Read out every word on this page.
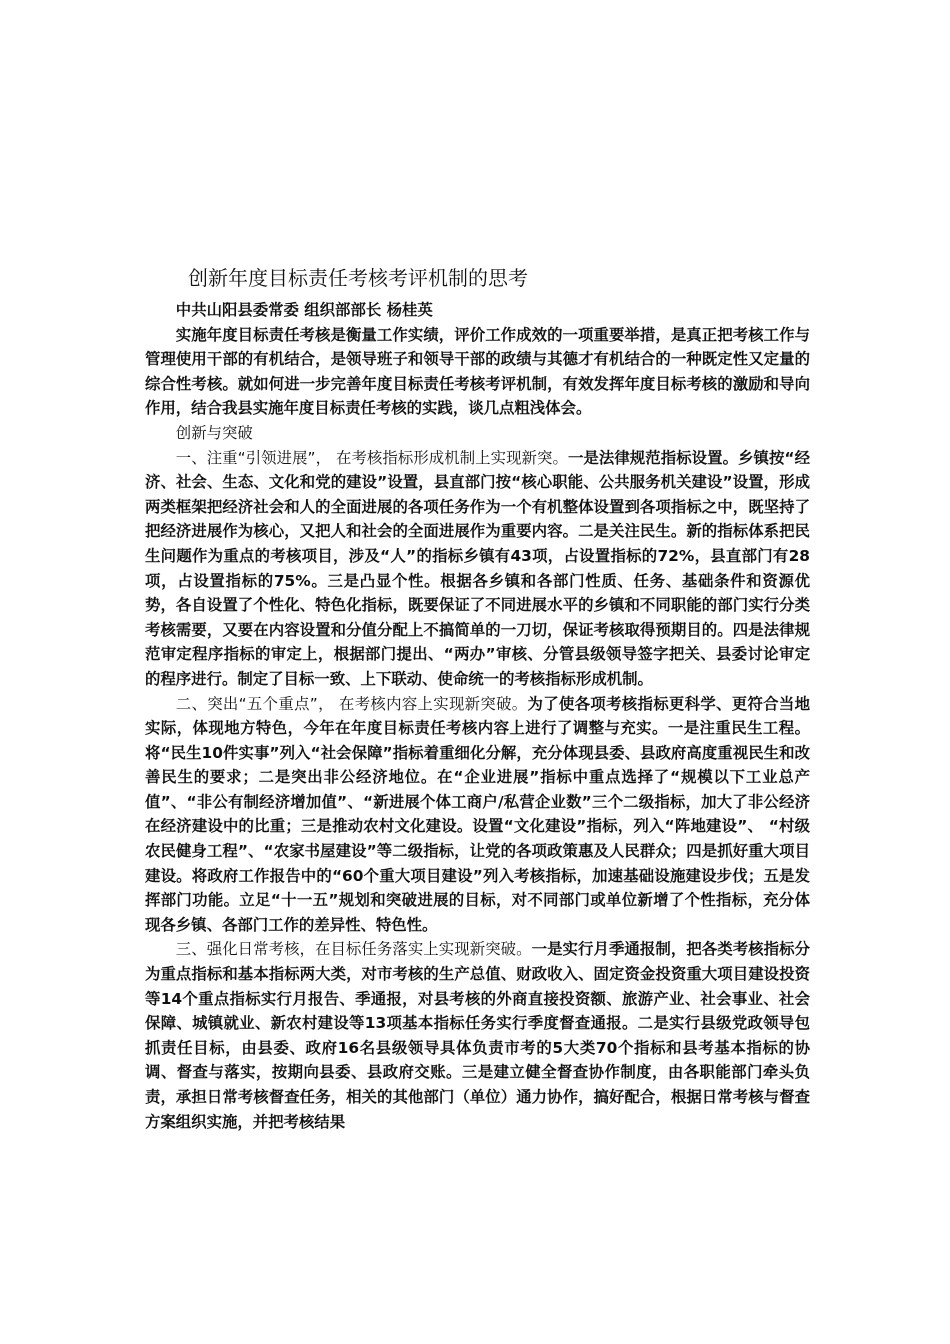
创新年度目标责任考核考评机制的思考

中共山阳县委常委 组织部部长 杨桂英

实施年度目标责任考核是衡量工作实绩，评价工作成效的一项重要举措，是真正把考核工作与管理使用干部的有机结合，是领导班子和领导干部的政绩与其德才有机结合的一种既定性又定量的综合性考核。就如何进一步完善年度目标责任考核考评机制，有效发挥年度目标考核的激励和导向作用，结合我县实施年度目标责任考核的实践，谈几点粗浅体会。

创新与突破

一、注重“引领进展”， 在考核指标形成机制上实现新突。一是法律规范指标设置。乡镇按“经济、社会、生态、文化和党的建设”设置，县直部门按“核心职能、公共服务机关建设”设置，形成两类框架把经济社会和人的全面进展的各项任务作为一个有机整体设置到各项指标之中，既坚持了把经济进展作为核心，又把人和社会的全面进展作为重要内容。二是关注民生。新的指标体系把民生问题作为重点的考核项目，涉及“人”的指标乡镇有43项，占设置指标的72%，县直部门有28项，占设置指标的75%。三是凸显个性。根据各乡镇和各部门性质、任务、基础条件和资源优势，各自设置了个性化、特色化指标，既要保证了不同进展水平的乡镇和不同职能的部门实行分类考核需要，又要在内容设置和分值分配上不搞简单的一刀切，保证考核取得预期目的。四是法律规范审定程序指标的审定上，根据部门提出、“两办”审核、分管县级领导签字把关、县委讨论审定的程序进行。制定了目标一致、上下联动、使命统一的考核指标形成机制。

二、突出“五个重点”， 在考核内容上实现新突破。为了使各项考核指标更科学、更符合当地实际，体现地方特色，今年在年度目标责任考核内容上进行了调整与充实。一是注重民生工程。将“民生10件实事”列入“社会保障”指标着重细化分解，充分体现县委、县政府高度重视民生和改善民生的要求；二是突出非公经济地位。在“企业进展”指标中重点选择了“规模以下工业总产值”、“非公有制经济增加值”、“新进展个体工商户/私营企业数”三个二级指标，加大了非公经济在经济建设中的比重；三是推动农村文化建设。设置“文化建设”指标，列入“阵地建设”、 “村级农民健身工程”、“农家书屋建设”等二级指标，让党的各项政策惠及人民群众；四是抓好重大项目建设。将政府工作报告中的“60个重大项目建设”列入考核指标，加速基础设施建设步伐；五是发挥部门功能。立足“十一五”规划和突破进展的目标，对不同部门或单位新增了个性指标，充分体现各乡镇、各部门工作的差异性、特色性。

三、强化日常考核，在目标任务落实上实现新突破。一是实行月季通报制，把各类考核指标分为重点指标和基本指标两大类，对市考核的生产总值、财政收入、固定资金投资重大项目建设投资等14个重点指标实行月报告、季通报，对县考核的外商直接投资额、旅游产业、社会事业、社会保障、城镇就业、新农村建设等13项基本指标任务实行季度督查通报。二是实行县级党政领导包抓责任目标，由县委、政府16名县级领导具体负责市考的5大类70个指标和县考基本指标的协调、督查与落实，按期向县委、县政府交账。三是建立健全督查协作制度，由各职能部门牵头负责，承担日常考核督查任务，相关的其他部门（单位）通力协作，搞好配合，根据日常考核与督查方案组织实施，并把考核结果
